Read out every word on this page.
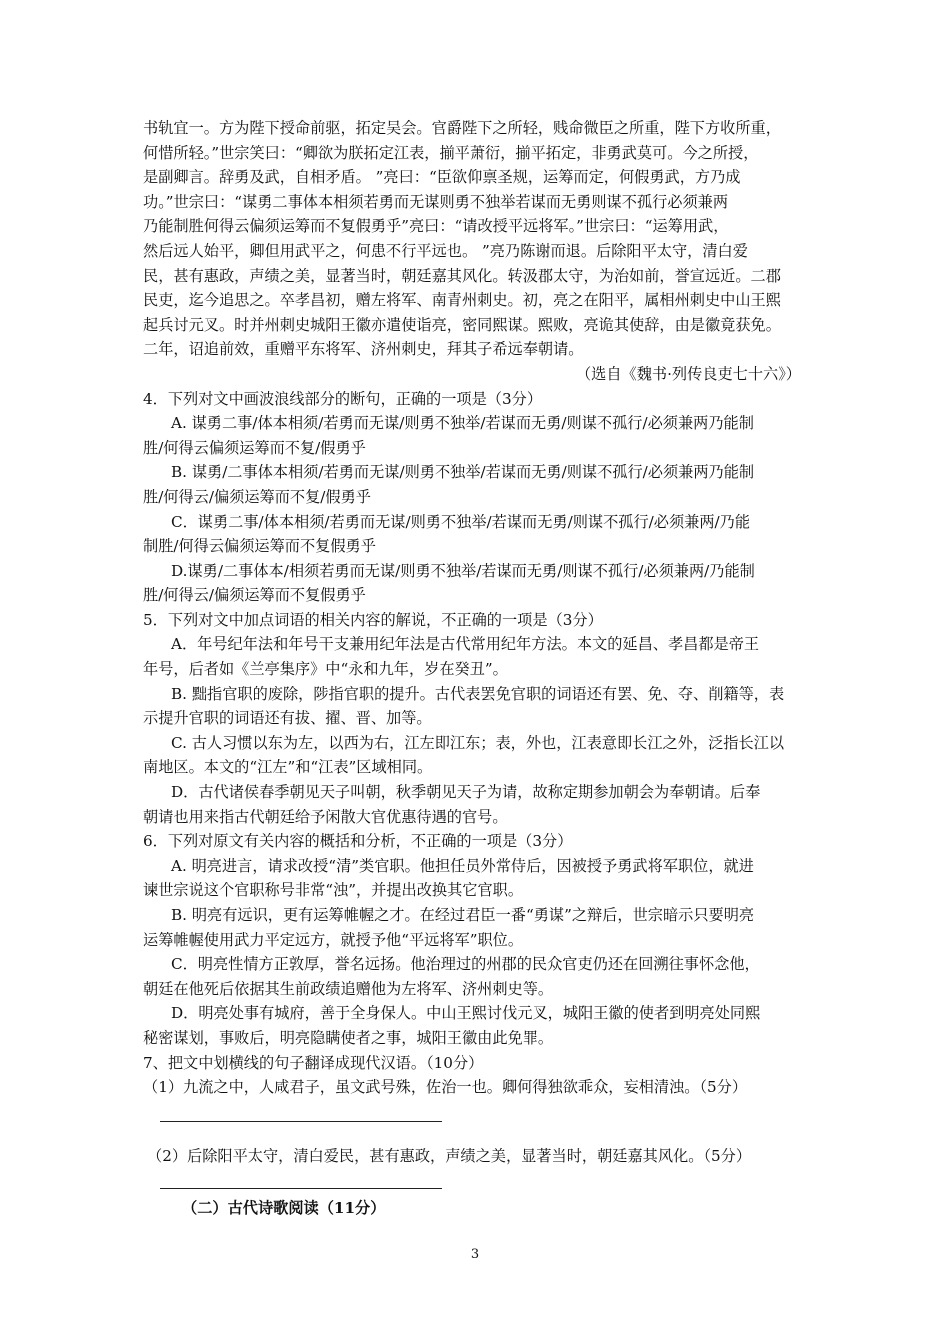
书轨宜一。方为陛下授命前驱，拓定吴会。官爵陛下之所轻，贱命微臣之所重，陛下方收所重，
何惜所轻。”世宗笑曰：“卿欲为朕拓定江表，揃平萧衍，揃平拓定，非勇武莫可。今之所授，
是副卿言。辞勇及武，自相矛盾。 ”亮曰：“臣欲仰禀圣规，运筹而定，何假勇武，方乃成
功。”世宗曰：“谋勇二事体本相须若勇而无谋则勇不独举若谋而无勇则谋不孤行必须兼两
乃能制胜何得云偏须运筹而不复假勇乎”亮曰：“请改授平远将军。”世宗曰：“运筹用武，
然后远人始平，卿但用武平之，何患不行平远也。 ”亮乃陈谢而退。后除阳平太守，清白爱
民，甚有惠政，声绩之美，显著当时，朝廷嘉其风化。转汲郡太守，为治如前，誉宣远近。二郡
民吏，迄今追思之。卒孝昌初，赠左将军、南青州刺史。初，亮之在阳平，属相州刺史中山王熙
起兵讨元叉。时并州刺史城阳王徽亦遣使诣亮，密同熙谋。熙败，亮诡其使辞，由是徽竟获免。
二年，诏追前效，重赠平东将军、济州刺史，拜其子希远奉朝请。
（选自《魏书·列传良吏七十六》）
4．下列对文中画波浪线部分的断句，正确的一项是（3分）
A. 谋勇二事/体本相须/若勇而无谋/则勇不独举/若谋而无勇/则谋不孤行/必须兼两乃能制
胜/何得云偏须运筹而不复/假勇乎
B. 谋勇/二事体本相须/若勇而无谋/则勇不独举/若谋而无勇/则谋不孤行/必须兼两乃能制
胜/何得云/偏须运筹而不复/假勇乎
C．谋勇二事/体本相须/若勇而无谋/则勇不独举/若谋而无勇/则谋不孤行/必须兼两/乃能
制胜/何得云偏须运筹而不复假勇乎
D.谋勇/二事体本/相须若勇而无谋/则勇不独举/若谋而无勇/则谋不孤行/必须兼两/乃能制
胜/何得云/偏须运筹而不复假勇乎
5．下列对文中加点词语的相关内容的解说，不正确的一项是（3分）
A．年号纪年法和年号干支兼用纪年法是古代常用纪年方法。本文的延昌、孝昌都是帝王
年号，后者如《兰亭集序》中“永和九年，岁在癸丑”。
B. 黜指官职的废除，陟指官职的提升。古代表罢免官职的词语还有罢、免、夺、削籍等，表
示提升官职的词语还有拔、擢、晋、加等。
C. 古人习惯以东为左，以西为右，江左即江东；表，外也，江表意即长江之外，泛指长江以
南地区。本文的“江左”和“江表”区域相同。
D．古代诸侯春季朝见天子叫朝，秋季朝见天子为请，故称定期参加朝会为奉朝请。后奉
朝请也用来指古代朝廷给予闲散大官优惠待遇的官号。
6．下列对原文有关内容的概括和分析，不正确的一项是（3分）
A. 明亮进言，请求改授“清”类官职。他担任员外常侍后，因被授予勇武将军职位，就进
谏世宗说这个官职称号非常“浊”，并提出改换其它官职。
B. 明亮有远识，更有运筹帷幄之才。在经过君臣一番“勇谋”之辩后，世宗暗示只要明亮
运筹帷幄使用武力平定远方，就授予他“平远将军”职位。
C．明亮性情方正敦厚，誉名远扬。他治理过的州郡的民众官吏仍还在回溯往事怀念他，
朝廷在他死后依据其生前政绩追赠他为左将军、济州刺史等。
D．明亮处事有城府，善于全身保人。中山王熙讨伐元叉，城阳王徽的使者到明亮处同熙
秘密谋划，事败后，明亮隐瞒使者之事，城阳王徽由此免罪。
7、把文中划横线的句子翻译成现代汉语。（10分）
（1）九流之中，人咸君子，虽文武号殊，佐治一也。卿何得独欲乖众，妄相清浊。（5分）
（2）后除阳平太守，清白爱民，甚有惠政，声绩之美，显著当时，朝廷嘉其风化。（5分）
（二）古代诗歌阅读（11分）
3
